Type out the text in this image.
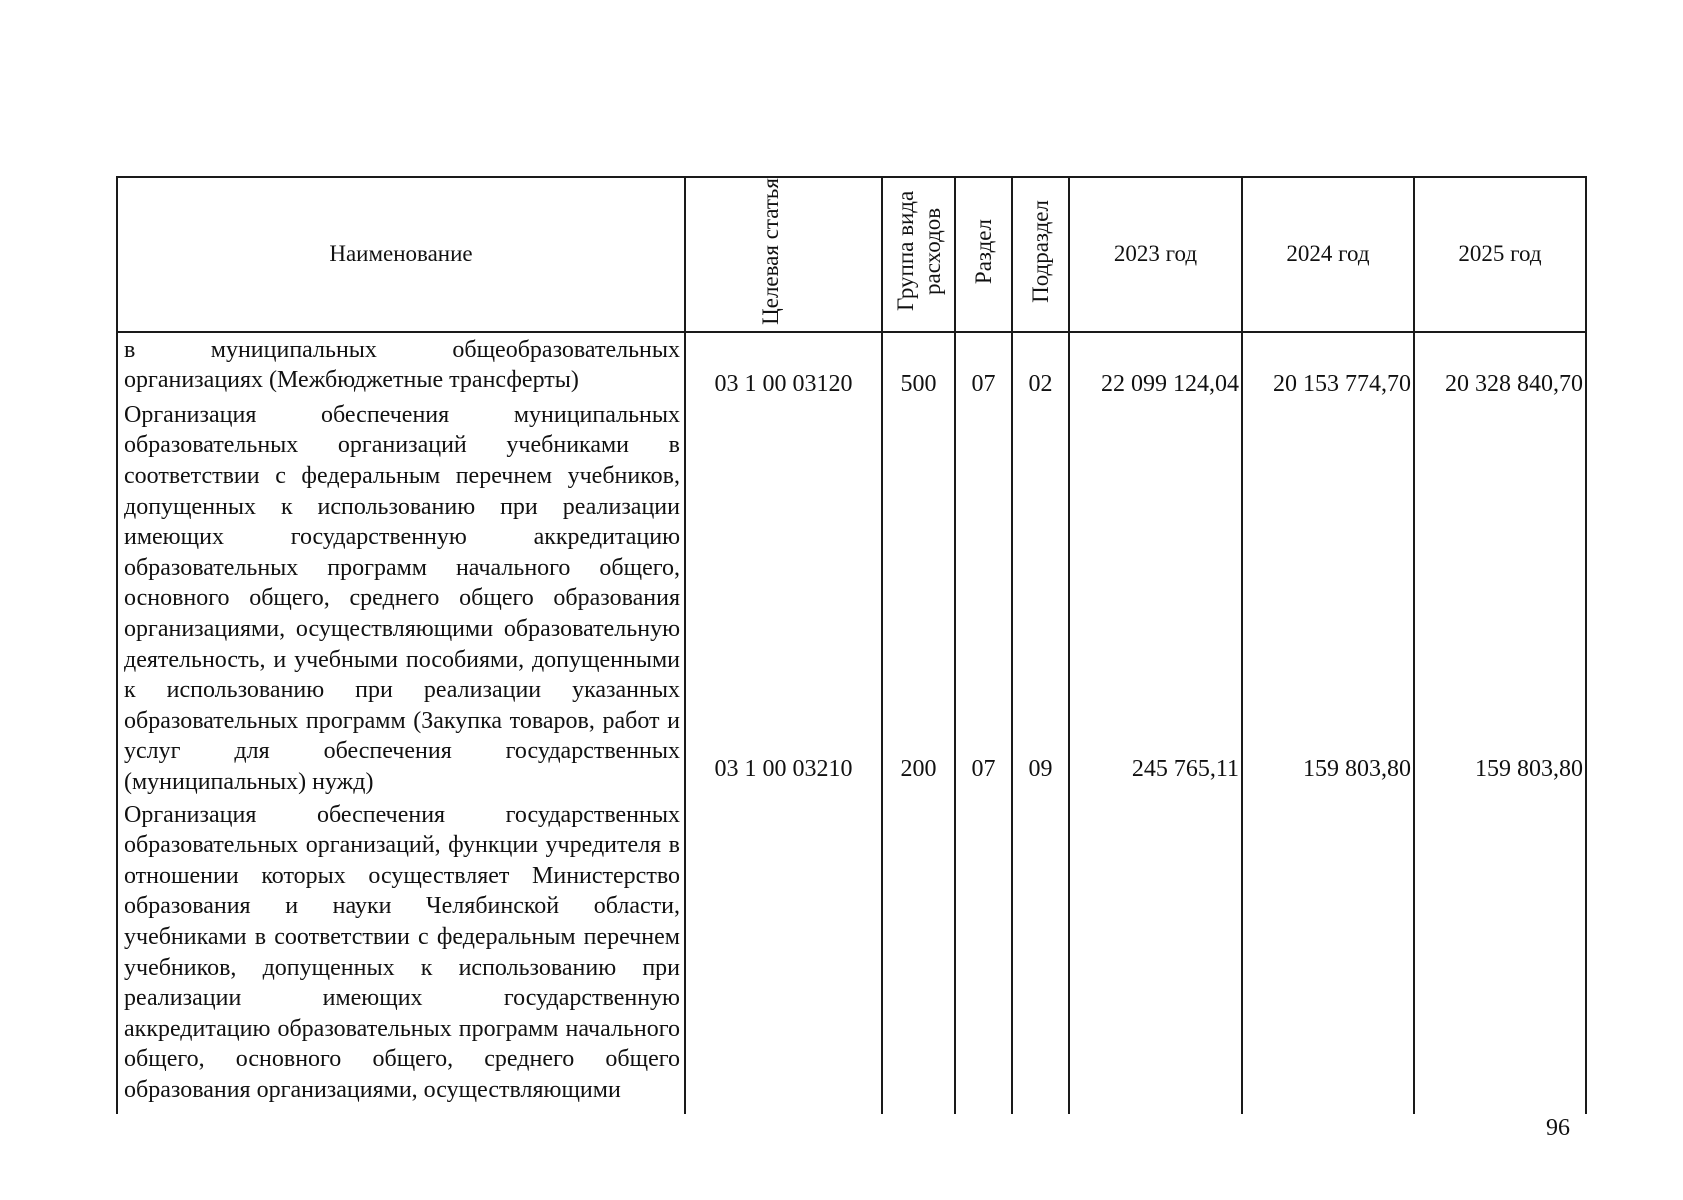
Наименование	Целевая статья	Группа вида расходов	Раздел	Подраздел	2023 год	2024 год	2025 год
в муниципальных общеобразовательных организациях (Межбюджетные трансферты)	03 1 00 03120	500	07	02	22 099 124,04	20 153 774,70	20 328 840,70
Организация обеспечения муниципальных образовательных организаций учебниками в соответствии с федеральным перечнем учебников, допущенных к использованию при реализации имеющих государственную аккредитацию образовательных программ начального общего, основного общего, среднего общего образования организациями, осуществляющими образовательную деятельность, и учебными пособиями, допущенными к использованию при реализации указанных образовательных программ (Закупка товаров, работ и услуг для обеспечения государственных (муниципальных) нужд)	03 1 00 03210	200	07	09	245 765,11	159 803,80	159 803,80
Организация обеспечения государственных образовательных организаций, функции учредителя в отношении которых осуществляет Министерство образования и науки Челябинской области, учебниками в соответствии с федеральным перечнем учебников, допущенных к использованию при реализации имеющих государственную аккредитацию образовательных программ начального общего, основного общего, среднего общего образования организациями, осуществляющими							
96
